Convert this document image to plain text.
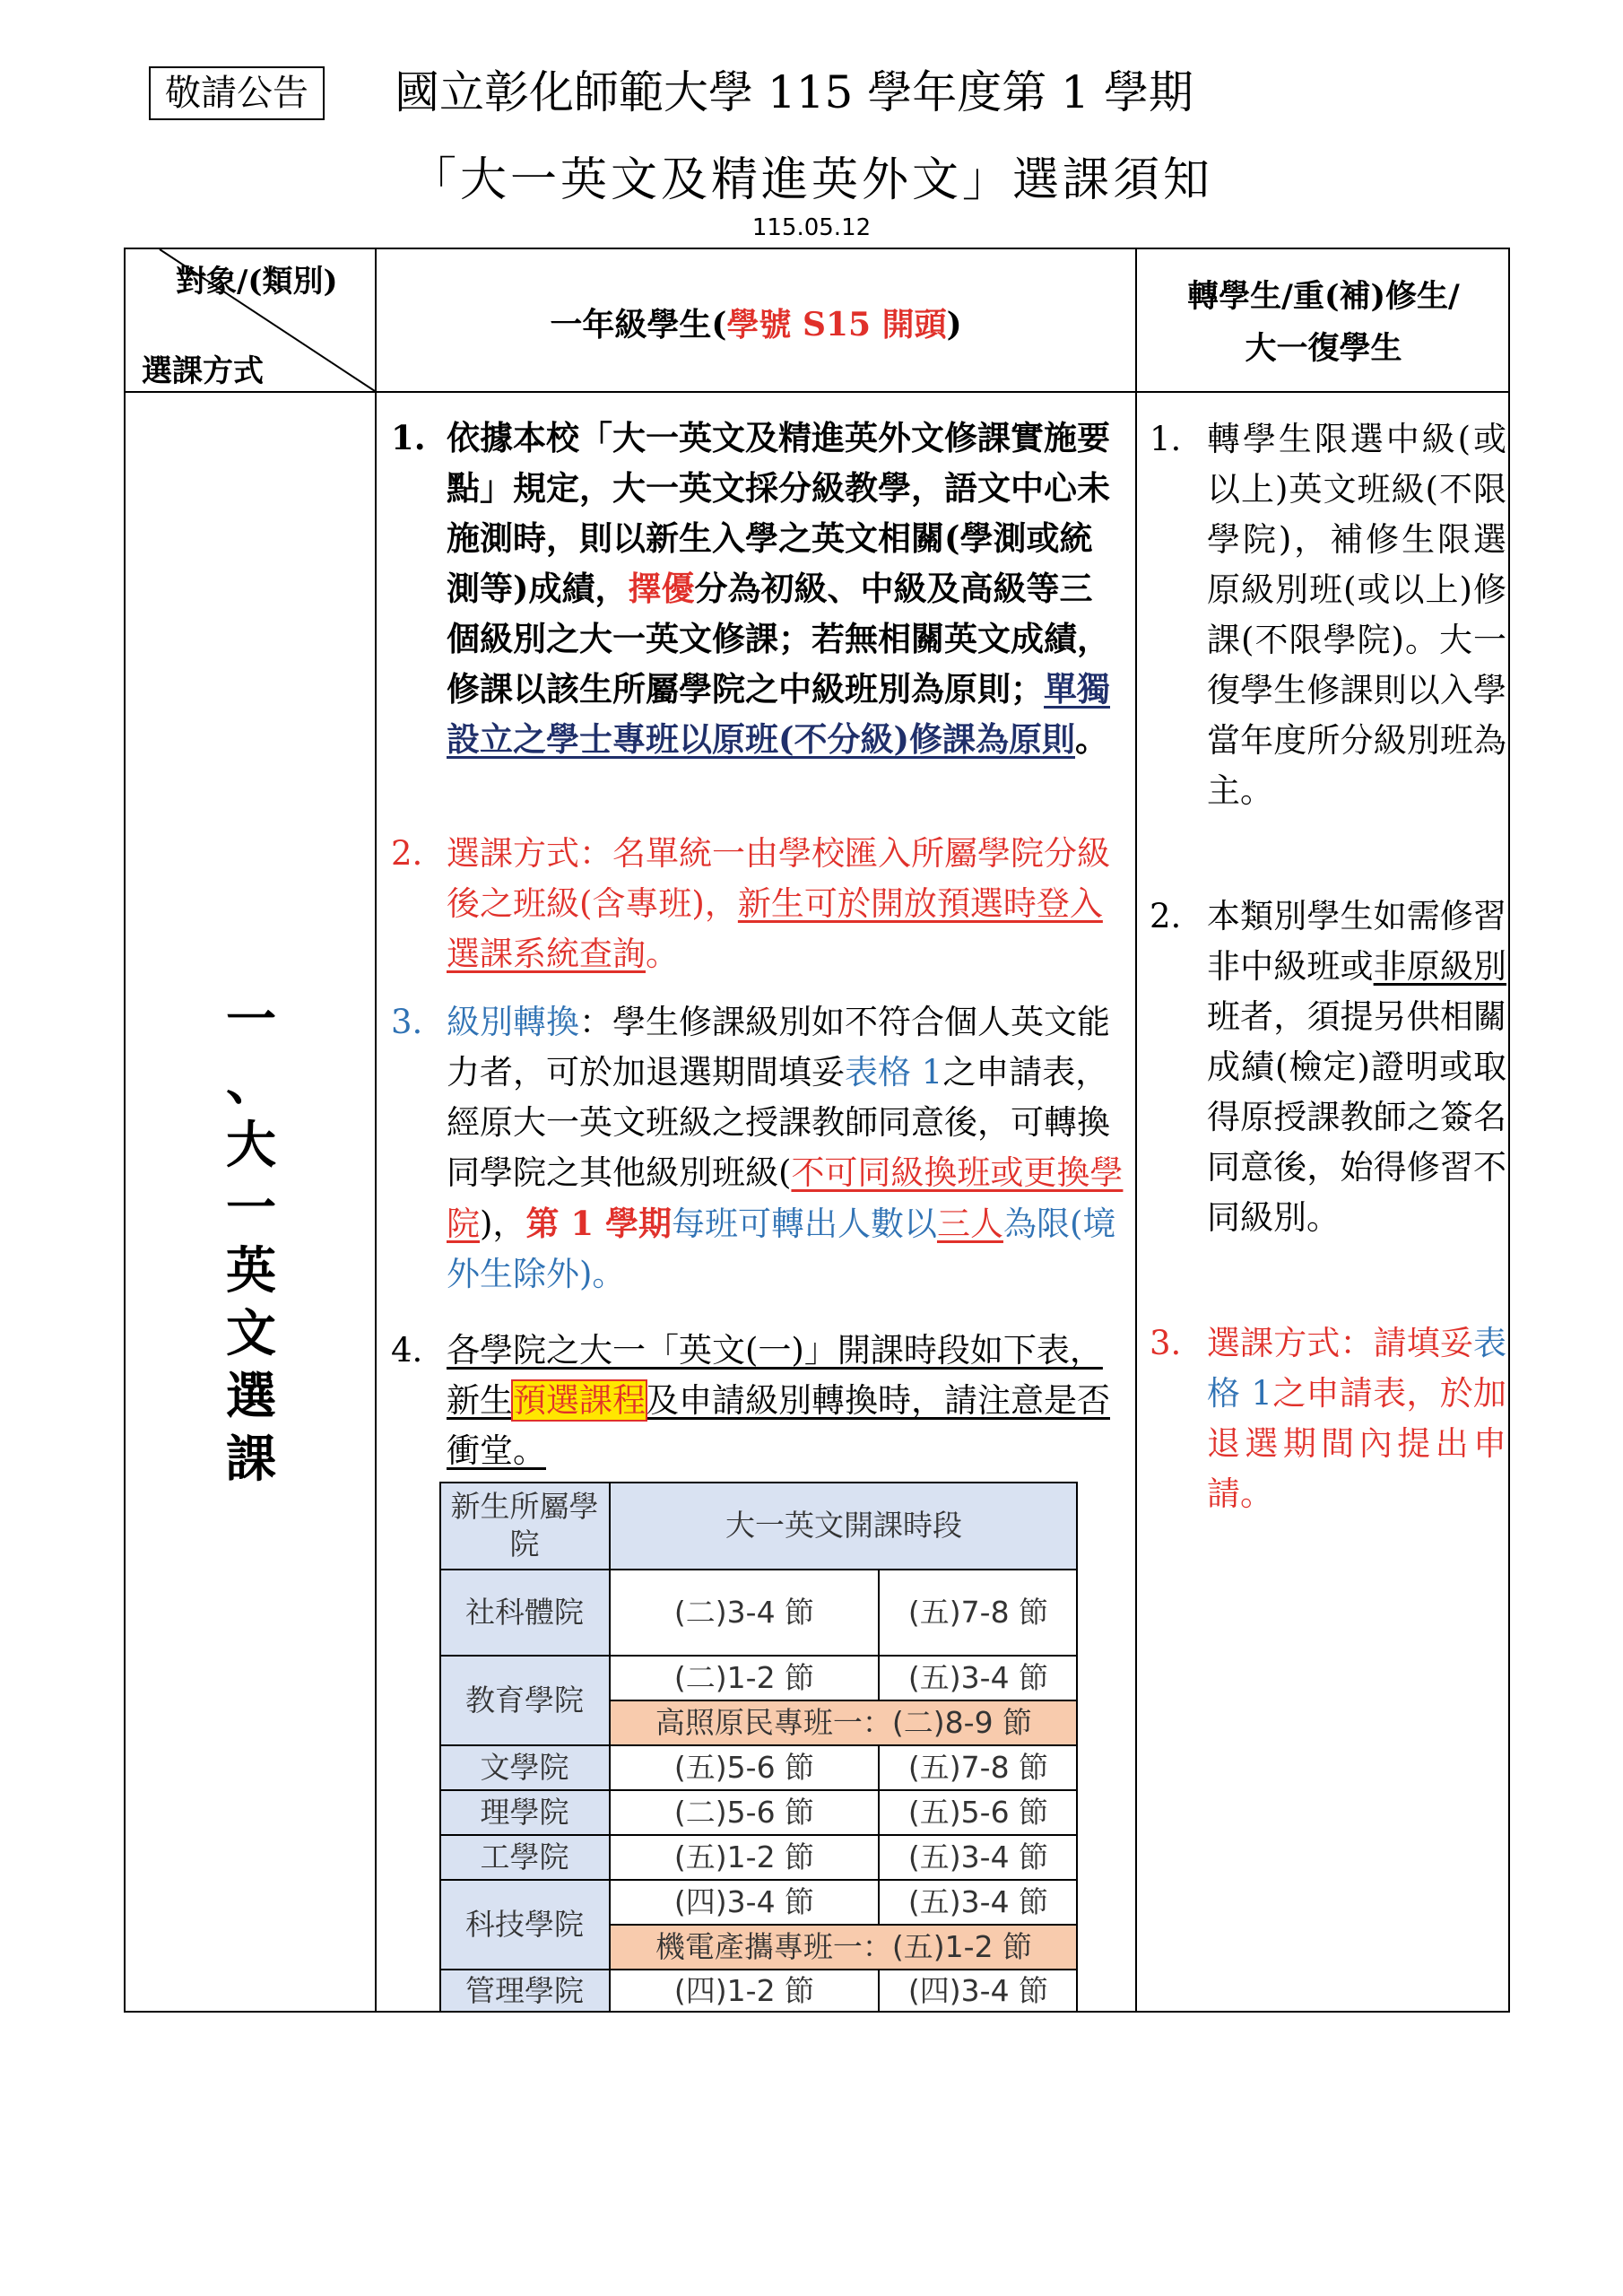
敬請公告	國立彰化師範大學 115 學年度第 1 學期
「大一英文及精進英外文」選課須知
115.05.12
對象/(類別)
選課方式
一年級學生(學號 S15 開頭)
轉學生/重(補)修生/
大一復學生
一
、
大
一
英
文
選
課

1. 依據本校「大一英文及精進英外文修課實施要點」規定，大一英文採分級教學，語文中心未施測時，則以新生入學之英文相關(學測或統測等)成績，擇優分為初級、中級及高級等三個級別之大一英文修課；若無相關英文成績，修課以該生所屬學院之中級班別為原則；單獨設立之學士專班以原班(不分級)修課為原則。

2. 選課方式：名單統一由學校匯入所屬學院分級後之班級(含專班)，新生可於開放預選時登入選課系統查詢。

3. 級別轉換：學生修課級別如不符合個人英文能力者，可於加退選期間填妥表格 1之申請表，經原大一英文班級之授課教師同意後，可轉換同學院之其他級別班級(不可同級換班或更換學院)，第 1 學期每班可轉出人數以三人為限(境外生除外)。

4. 各學院之大一「英文(一)」開課時段如下表，新生預選課程及申請級別轉換時，請注意是否衝堂。

新生所屬學院
大一英文開課時段
社科體院	(二)3-4 節	(五)7-8 節
教育學院
(二)1-2 節	(五)3-4 節
高照原民專班一：(二)8-9 節
文學院	(五)5-6 節	(五)7-8 節
理學院	(二)5-6 節	(五)5-6 節
工學院	(五)1-2 節	(五)3-4 節
科技學院
(四)3-4 節	(五)3-4 節
機電產攜專班一：(五)1-2 節
管理學院	(四)1-2 節	(四)3-4 節

1. 轉學生限選中級(或以上)英文班級(不限學院)，補修生限選原級別班(或以上)修課(不限學院)。大一復學生修課則以入學當年度所分級別班為主。

2. 本類別學生如需修習非中級班或非原級別班者，須提另供相關成績(檢定)證明或取得原授課教師之簽名同意後，始得修習不同級別。

3. 選課方式：請填妥表格 1之申請表，於加退選期間內提出申請。
